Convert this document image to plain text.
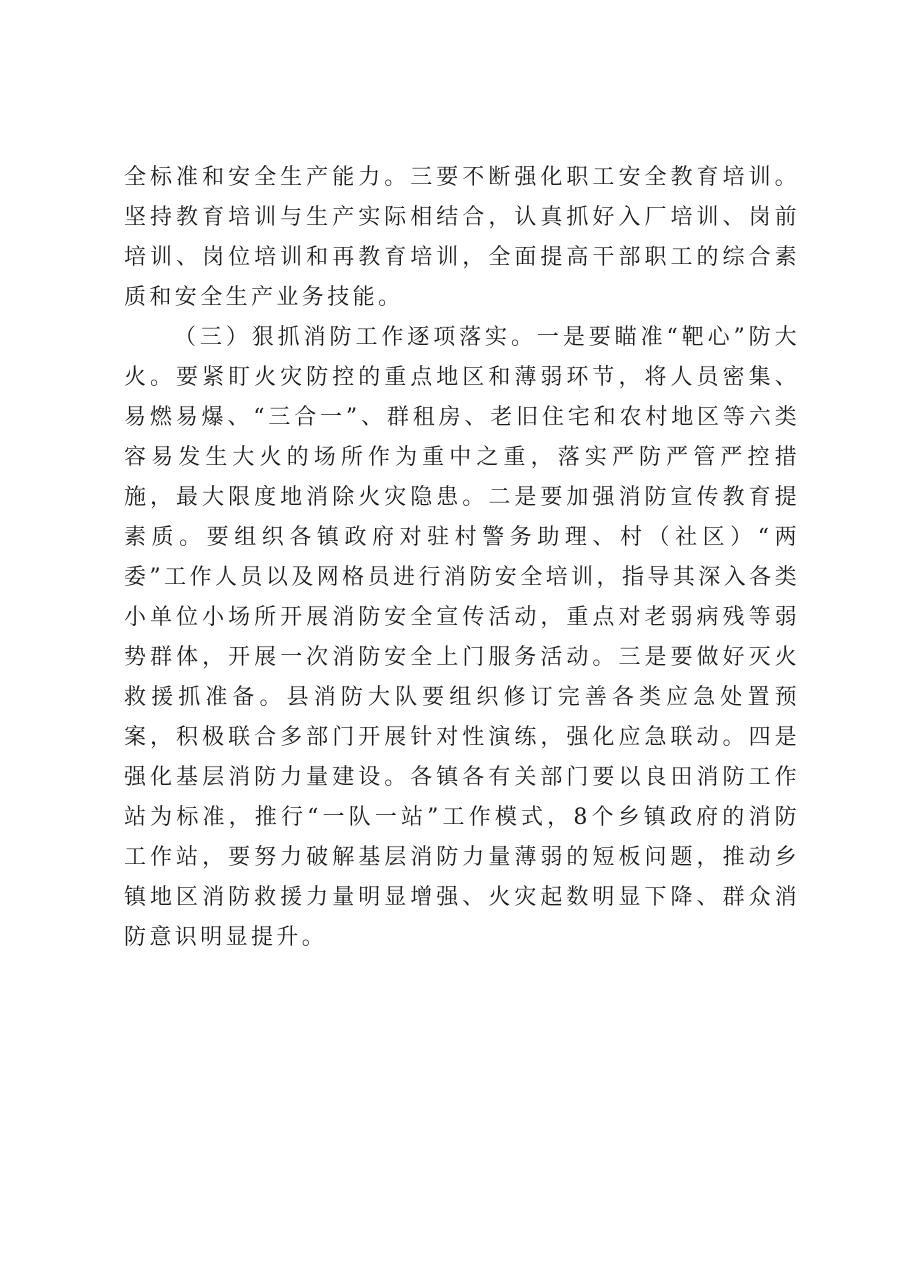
全标准和安全生产能力。三要不断强化职工安全教育培训。坚持教育培训与生产实际相结合，认真抓好入厂培训、岗前培训、岗位培训和再教育培训，全面提高干部职工的综合素质和安全生产业务技能。

（三）狠抓消防工作逐项落实。一是要瞄准“靶心”防大火。要紧盯火灾防控的重点地区和薄弱环节，将人员密集、易燃易爆、“三合一”、群租房、老旧住宅和农村地区等六类容易发生大火的场所作为重中之重，落实严防严管严控措施，最大限度地消除火灾隐患。二是要加强消防宣传教育提素质。要组织各镇政府对驻村警务助理、村（社区）“两委”工作人员以及网格员进行消防安全培训，指导其深入各类小单位小场所开展消防安全宣传活动，重点对老弱病残等弱势群体，开展一次消防安全上门服务活动。三是要做好灭火救援抓准备。县消防大队要组织修订完善各类应急处置预案，积极联合多部门开展针对性演练，强化应急联动。四是强化基层消防力量建设。各镇各有关部门要以良田消防工作站为标准，推行“一队一站”工作模式，8个乡镇政府的消防工作站，要努力破解基层消防力量薄弱的短板问题，推动乡镇地区消防救援力量明显增强、火灾起数明显下降、群众消防意识明显提升。
